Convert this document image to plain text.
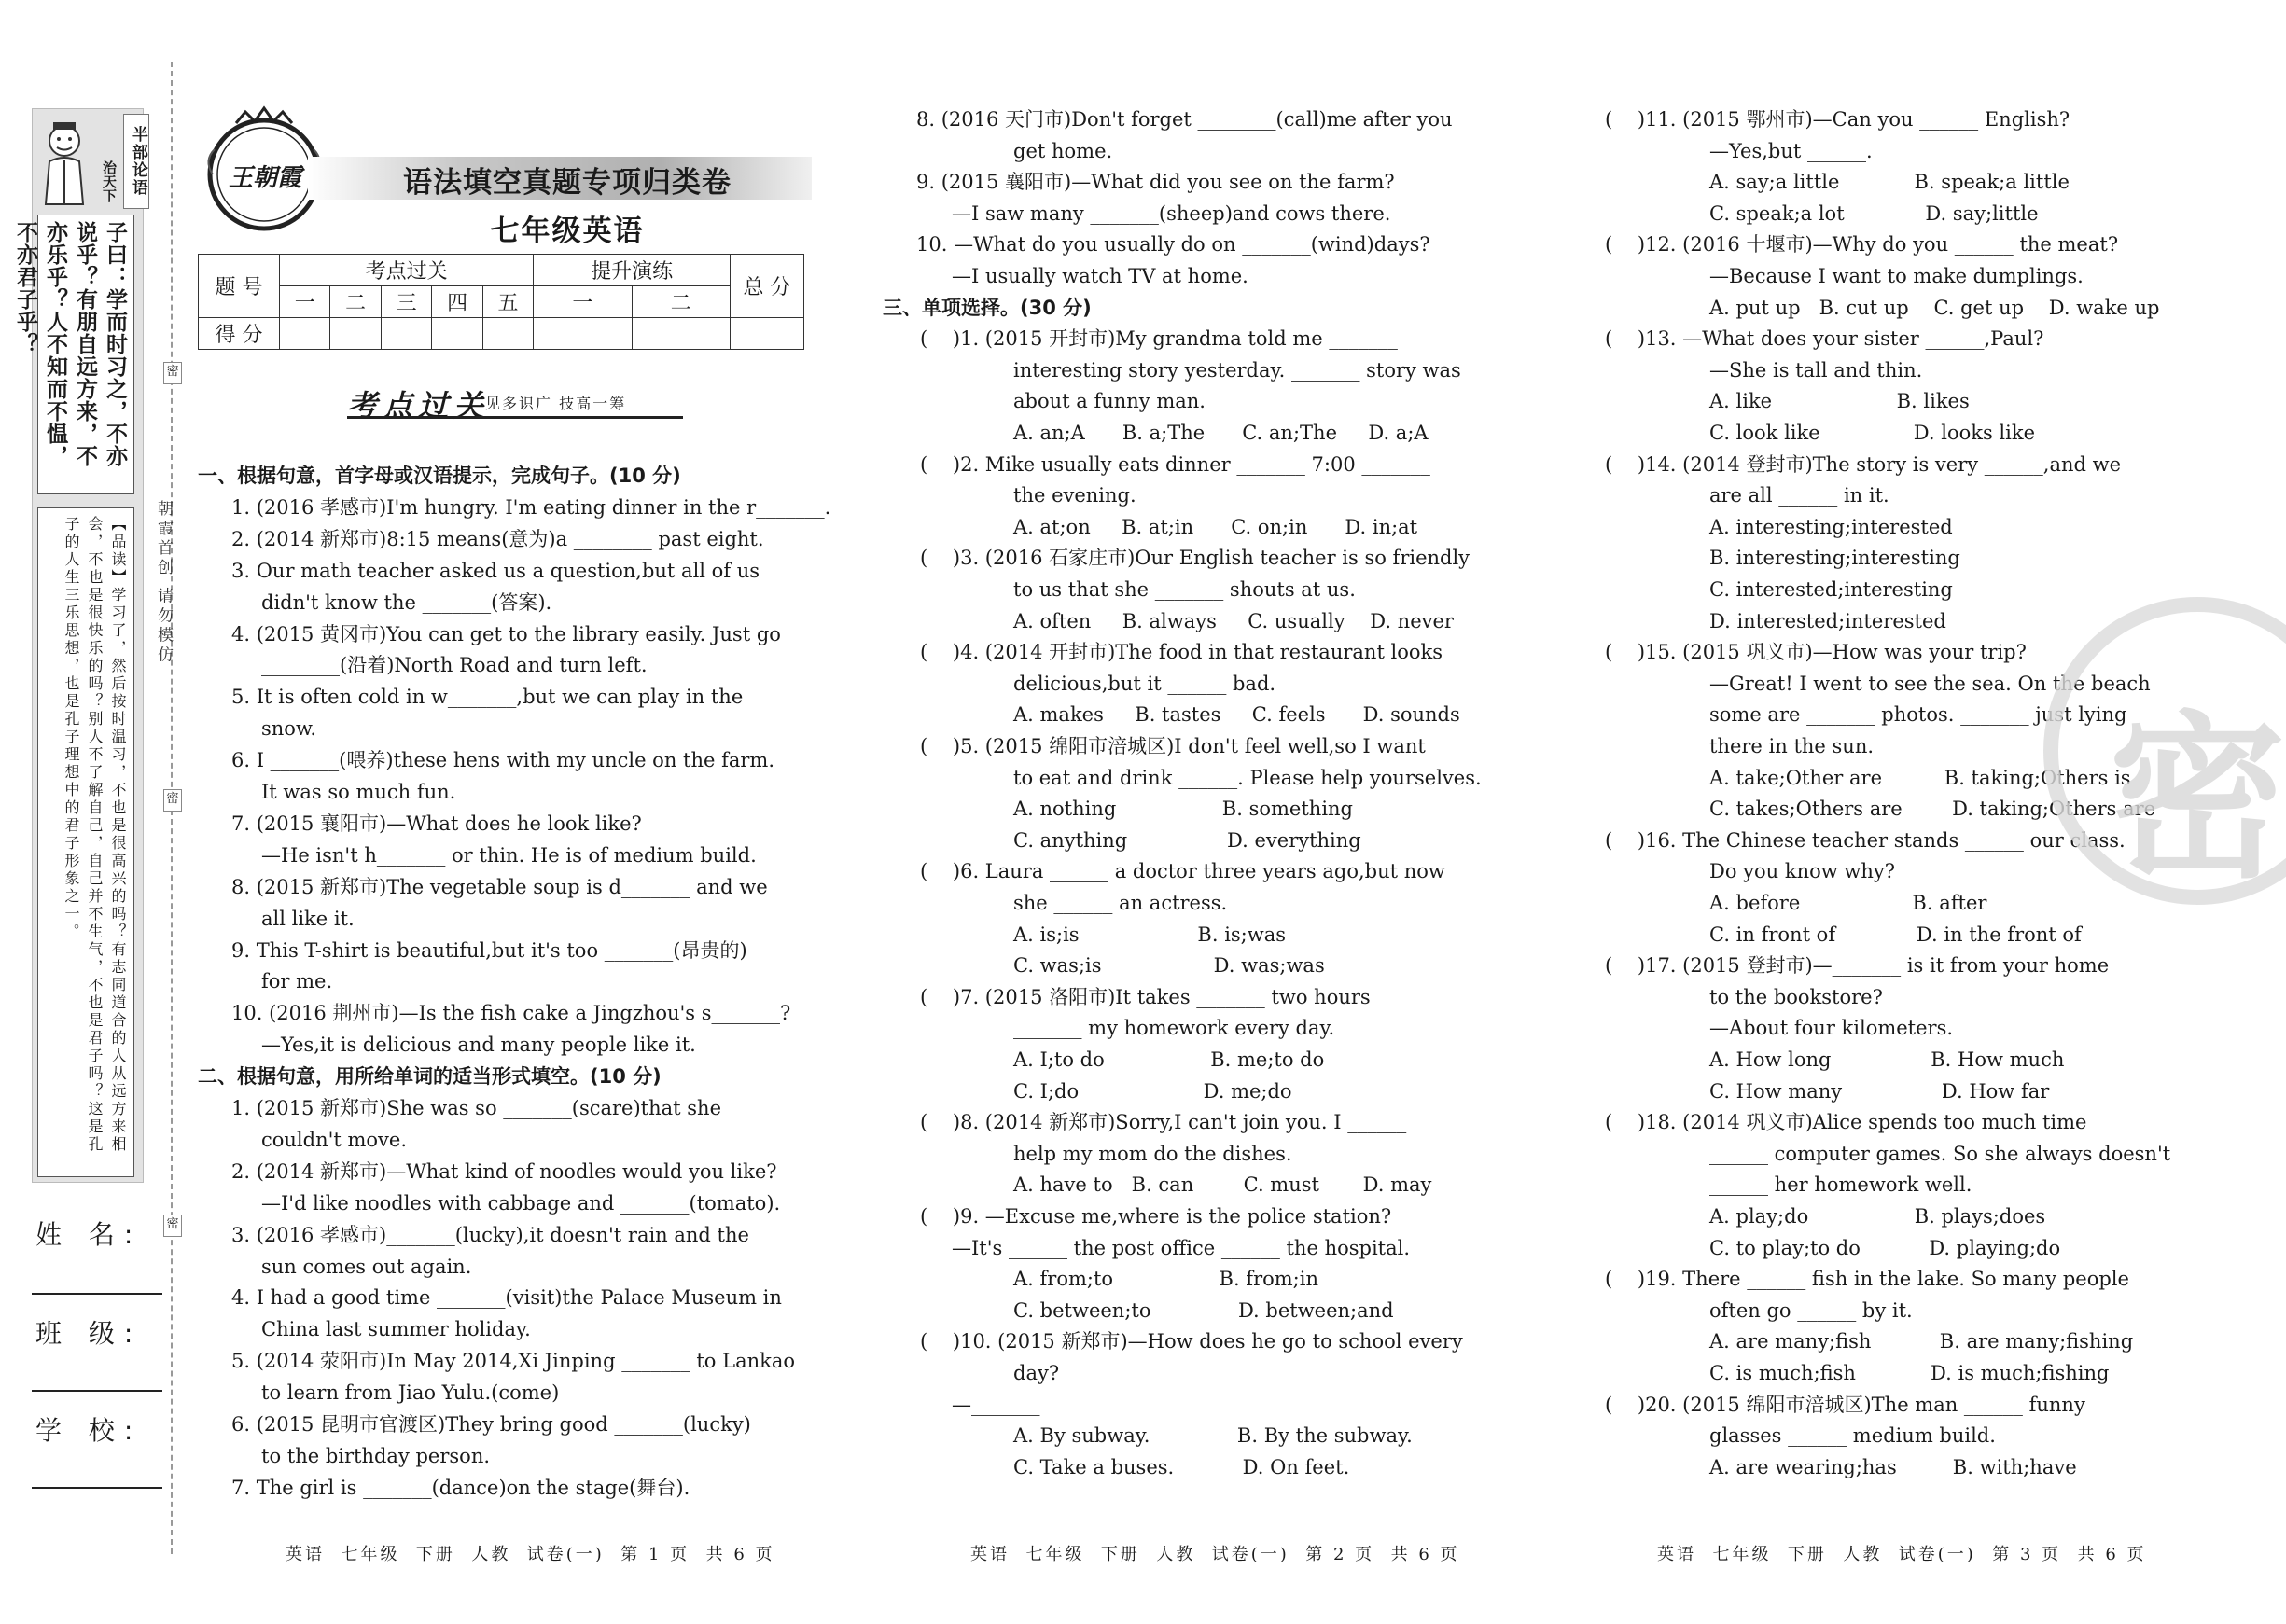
治天下 半部论语
子曰：学而时习之，不亦说乎？有朋自远方来，不亦乐乎？人不知而不愠，不亦君子乎？
【品读】学习了，然后按时温习，不也是很高兴的吗？有志同道合的人从远方来相会，不也是很快乐的吗？别人不了解自己，自己并不生气，不也是君子吗？这是孔子的人生三乐思想，也是孔子理想中的君子形象之一。
姓 名:
班 级:
学 校:
朝霞首创 请勿模仿
密
密
密
王朝霞	语法填空真题专项归类卷
七年级英语
题 号	考点过关					提升演练		总 分
	一	二	三	四	五	一	二	
得 分								
考点过关
见多识广 技高一筹
一、根据句意，首字母或汉语提示，完成句子。(10 分)
1. (2016 孝感市)I'm hungry. I'm eating dinner in the r_______.
2. (2014 新郑市)8:15 means(意为)a ________ past eight.
3. Our math teacher asked us a question,but all of us
didn't know the _______(答案).
4. (2015 黄冈市)You can get to the library easily. Just go
________(沿着)North Road and turn left.
5. It is often cold in w_______,but we can play in the
snow.
6. I _______(喂养)these hens with my uncle on the farm.
It was so much fun.
7. (2015 襄阳市)—What does he look like?
—He isn't h_______ or thin. He is of medium build.
8. (2015 新郑市)The vegetable soup is d_______ and we
all like it.
9. This T-shirt is beautiful,but it's too _______(昂贵的)
for me.
10. (2016 荆州市)—Is the fish cake a Jingzhou's s_______?
—Yes,it is delicious and many people like it.
二、根据句意，用所给单词的适当形式填空。(10 分)
1. (2015 新郑市)She was so _______(scare)that she
couldn't move.
2. (2014 新郑市)—What kind of noodles would you like?
—I'd like noodles with cabbage and _______(tomato).
3. (2016 孝感市)_______(lucky),it doesn't rain and the
sun comes out again.
4. I had a good time _______(visit)the Palace Museum in
China last summer holiday.
5. (2014 荥阳市)In May 2014,Xi Jinping _______ to Lankao
to learn from Jiao Yulu.(come)
6. (2015 昆明市官渡区)They bring good _______(lucky)
to the birthday person.
7. The girl is _______(dance)on the stage(舞台).
8. (2016 天门市)Don't forget ________(call)me after you
get home.
9. (2015 襄阳市)—What did you see on the farm?
—I saw many _______(sheep)and cows there.
10. —What do you usually do on _______(wind)days?
—I usually watch TV at home.
三、单项选择。(30 分)
(    )1. (2015 开封市)My grandma told me _______
interesting story yesterday. _______ story was
about a funny man.
A. an;A      B. a;The      C. an;The     D. a;A
(    )2. Mike usually eats dinner _______ 7:00 _______
the evening.
A. at;on     B. at;in      C. on;in      D. in;at
(    )3. (2016 石家庄市)Our English teacher is so friendly
to us that she _______ shouts at us.
A. often     B. always     C. usually    D. never
(    )4. (2014 开封市)The food in that restaurant looks
delicious,but it ______ bad.
A. makes     B. tastes     C. feels      D. sounds
(    )5. (2015 绵阳市涪城区)I don't feel well,so I want
to eat and drink ______. Please help yourselves.
A. nothing                 B. something
C. anything                D. everything
(    )6. Laura ______ a doctor three years ago,but now
she ______ an actress.
A. is;is                   B. is;was
C. was;is                  D. was;was
(    )7. (2015 洛阳市)It takes _______ two hours
_______ my homework every day.
A. I;to do                 B. me;to do
C. I;do                    D. me;do
(    )8. (2014 新郑市)Sorry,I can't join you. I ______
help my mom do the dishes.
A. have to   B. can        C. must       D. may
(    )9. —Excuse me,where is the police station?
—It's ______ the post office ______ the hospital.
A. from;to                 B. from;in
C. between;to              D. between;and
(    )10. (2015 新郑市)—How does he go to school every
day?
—_______
A. By subway.              B. By the subway.
C. Take a buses.           D. On feet.
(    )11. (2015 鄂州市)—Can you ______ English?
—Yes,but ______.
A. say;a little            B. speak;a little
C. speak;a lot             D. say;little
(    )12. (2016 十堰市)—Why do you ______ the meat?
—Because I want to make dumplings.
A. put up   B. cut up    C. get up    D. wake up
(    )13. —What does your sister ______,Paul?
—She is tall and thin.
A. like                    B. likes
C. look like               D. looks like
(    )14. (2014 登封市)The story is very ______,and we
are all ______ in it.
A. interesting;interested
B. interesting;interesting
C. interested;interesting
D. interested;interested
(    )15. (2015 巩义市)—How was your trip?
—Great! I went to see the sea. On the beach
some are _______ photos. _______ just lying
there in the sun.
A. take;Other are          B. taking;Others is
C. takes;Others are        D. taking;Others are
(    )16. The Chinese teacher stands ______ our class.
Do you know why?
A. before                  B. after
C. in front of             D. in the front of
(    )17. (2015 登封市)—_______ is it from your home
to the bookstore?
—About four kilometers.
A. How long                B. How much
C. How many                D. How far
(    )18. (2014 巩义市)Alice spends too much time
______ computer games. So she always doesn't
______ her homework well.
A. play;do                 B. plays;does
C. to play;to do           D. playing;do
(    )19. There ______ fish in the lake. So many people
often go ______ by it.
A. are many;fish           B. are many;fishing
C. is much;fish            D. is much;fishing
(    )20. (2015 绵阳市涪城区)The man ______ funny
glasses ______ medium build.
A. are wearing;has         B. with;have
密
英语  七年级  下册  人教  试卷(一)  第 1 页  共 6 页	英语  七年级  下册  人教  试卷(一)  第 2 页  共 6 页	英语  七年级  下册  人教  试卷(一)  第 3 页  共 6 页
